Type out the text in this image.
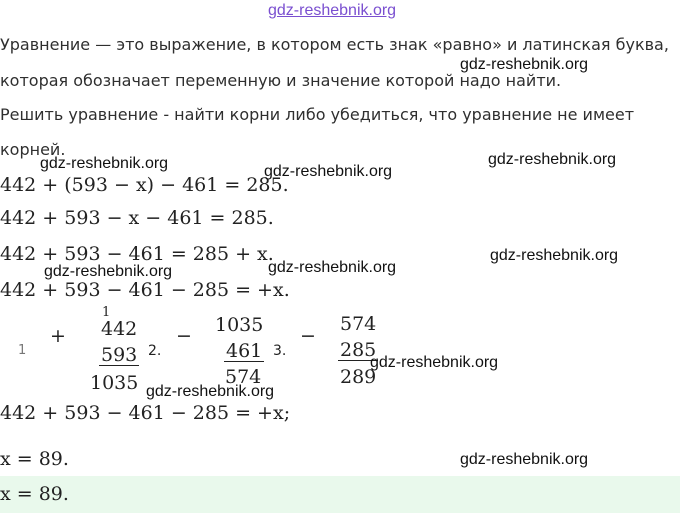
gdz-reshebnik.org
Уравнение — это выражение, в котором есть знак «равно» и латинская буква,
которая обозначает переменную и значение которой надо найти.
Решить уравнение - найти корни либо убедиться, что уравнение не имеет
корней.
442 + (593 − x) − 461 = 285.
442 + 593 − x − 461 = 285.
442 + 593 − 461 = 285 + x.
442 + 593 − 461 − 285 = +x.
1
+
1
442
593
1035
2.
− 1035
461
574
3.
−
574
285
289
442 + 593 − 461 − 285 = +x;
x = 89.
x = 89.
gdz-reshebnik.org
gdz-reshebnik.org	gdz-reshebnik.org
gdz-reshebnik.org
gdz-reshebnik.org
gdz-reshebnik.org	gdz-reshebnik.org
gdz-reshebnik.org
gdz-reshebnik.org
gdz-reshebnik.org
